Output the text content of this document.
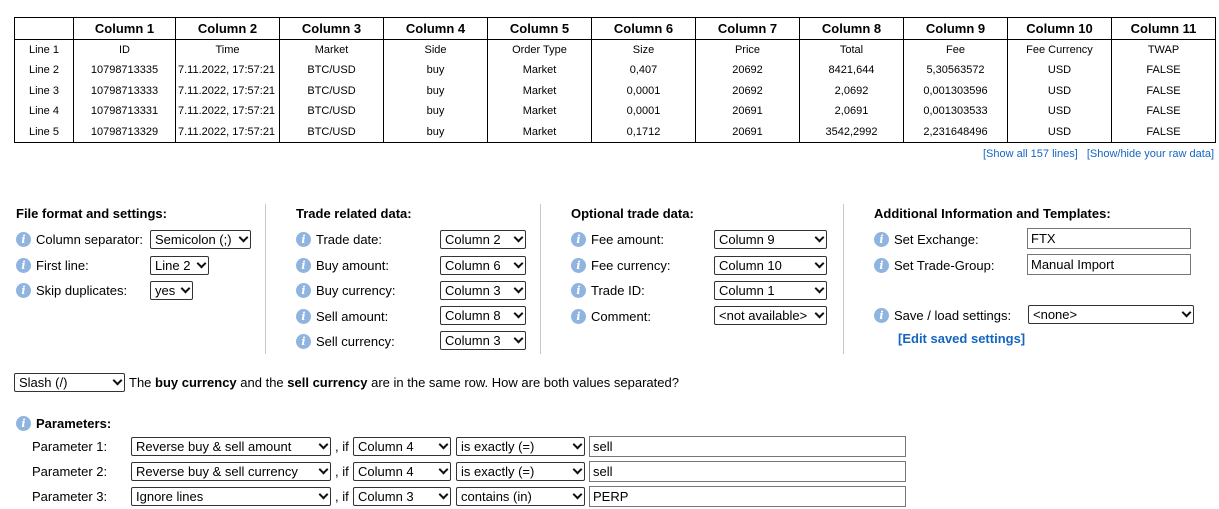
	Column 1	Column 2	Column 3	Column 4	Column 5	Column 6	Column 7	Column 8	Column 9	Column 10	Column 11
Line 1	ID	Time	Market	Side	Order Type	Size	Price	Total	Fee	Fee Currency	TWAP
Line 2	10798713335	7.11.2022, 17:57:21	BTC/USD	buy	Market	0,407	20692	8421,644	5,30563572	USD	FALSE
Line 3	10798713333	7.11.2022, 17:57:21	BTC/USD	buy	Market	0,0001	20692	2,0692	0,001303596	USD	FALSE
Line 4	10798713331	7.11.2022, 17:57:21	BTC/USD	buy	Market	0,0001	20691	2,0691	0,001303533	USD	FALSE
Line 5	10798713329	7.11.2022, 17:57:21	BTC/USD	buy	Market	0,1712	20691	3542,2992	2,231648496	USD	FALSE
[Show all 157 lines] [Show/hide your raw data]
File format and settings:
i Column separator: Semicolon (;)
i First line:	Line 2
i Skip duplicates:	yes
Trade related data:
i Trade date:	Column 2
i Buy amount:	Column 6
i Buy currency:	Column 3
i Sell amount:	Column 8
i Sell currency:	Column 3
Optional trade data:
i Fee amount:	Column 9
i Fee currency:	Column 10
i Trade ID:	Column 1
i Comment:	<not available>
Additional Information and Templates:
i Set Exchange:	FTX
i Set Trade-Group:	Manual Import
i Save / load settings:	<none>
[Edit saved settings]
Slash (/)	The buy currency and the sell currency are in the same row. How are both values separated?
i Parameters:
Parameter 1:	Reverse buy & sell amount	, if Column 4	is exactly (=)	sell
Parameter 2:	Reverse buy & sell currency	, if Column 4	is exactly (=)	sell
Parameter 3:	Ignore lines	, if Column 3	contains (in)	PERP
